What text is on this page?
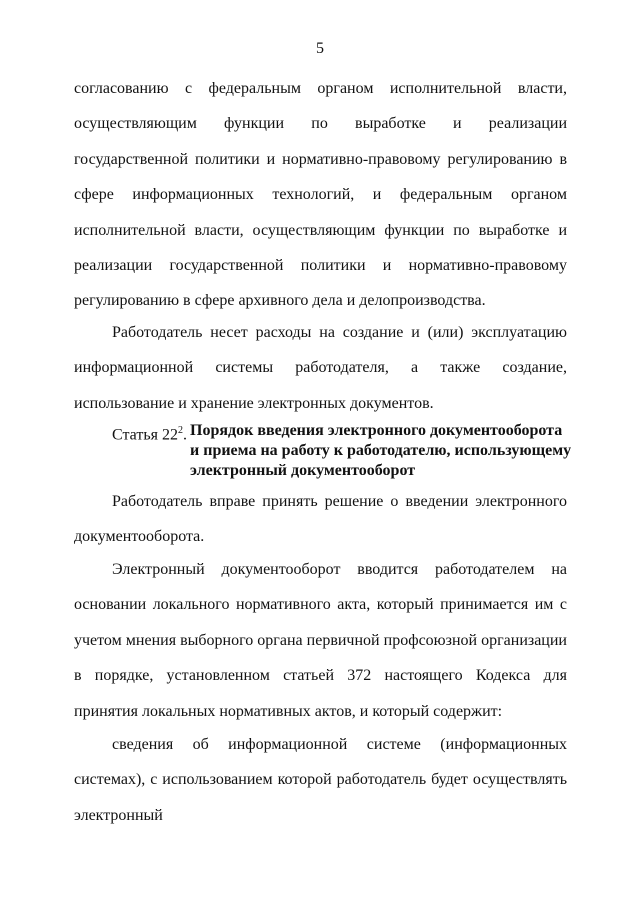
5
согласованию с федеральным органом исполнительной власти, осуществляющим функции по выработке и реализации государственной политики и нормативно-правовому регулированию в сфере информационных технологий, и федеральным органом исполнительной власти, осуществляющим функции по выработке и реализации государственной политики и нормативно-правовому регулированию в сфере архивного дела и делопроизводства.
Работодатель несет расходы на создание и (или) эксплуатацию информационной системы работодателя, а также создание, использование и хранение электронных документов.
Статья $22^2$. Порядок введения электронного документооборота
и приема на работу к работодателю, использующему
электронный документооборот
Работодатель вправе принять решение о введении электронного документооборота.
Электронный документооборот вводится работодателем на основании локального нормативного акта, который принимается им с учетом мнения выборного органа первичной профсоюзной организации в порядке, установленном статьей 372 настоящего Кодекса для принятия локальных нормативных актов, и который содержит:
сведения об информационной системе (информационных системах), с использованием которой работодатель будет осуществлять электронный
